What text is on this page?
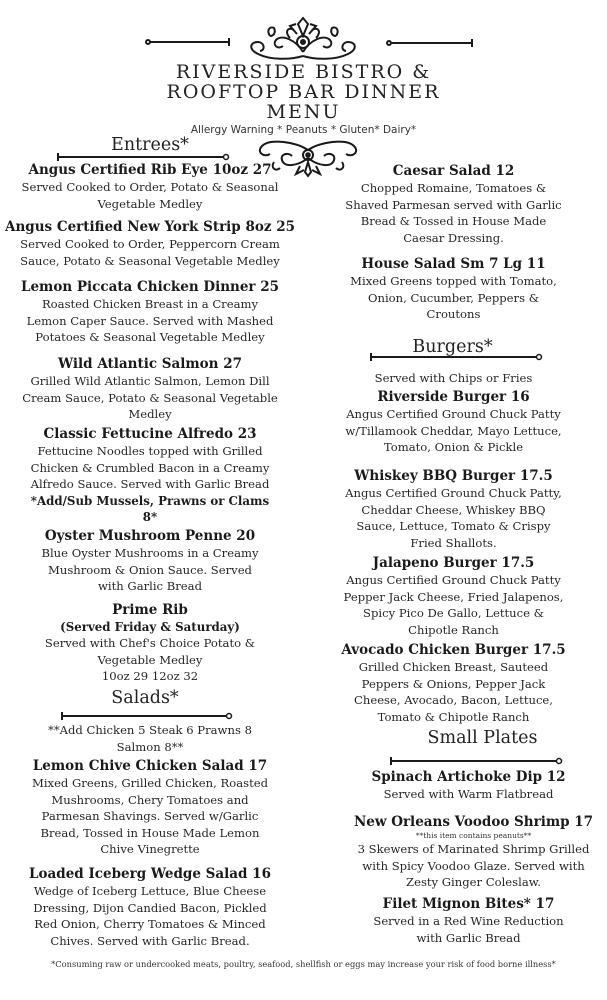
RIVERSIDE BISTRO &
ROOFTOP BAR DINNER
MENU
Allergy Warning * Peanuts * Gluten* Dairy*
Entrees*
Angus Certified Rib Eye 10oz 27
Served Cooked to Order, Potato & Seasonal
Vegetable Medley
Angus Certified New York Strip 8oz 25
Served Cooked to Order, Peppercorn Cream
Sauce, Potato & Seasonal Vegetable Medley
Lemon Piccata Chicken Dinner 25
Roasted Chicken Breast in a Creamy
Lemon Caper Sauce. Served with Mashed
Potatoes & Seasonal Vegetable Medley
Wild Atlantic Salmon 27
Grilled Wild Atlantic Salmon, Lemon Dill
Cream Sauce, Potato & Seasonal Vegetable
Medley
Classic Fettucine Alfredo 23
Fettucine Noodles topped with Grilled
Chicken & Crumbled Bacon in a Creamy
Alfredo Sauce. Served with Garlic Bread
*Add/Sub Mussels, Prawns or Clams
8*
Oyster Mushroom Penne 20
Blue Oyster Mushrooms in a Creamy
Mushroom & Onion Sauce. Served
with Garlic Bread
Prime Rib
(Served Friday & Saturday)
Served with Chef's Choice Potato &
Vegetable Medley
10oz 29 12oz 32
Salads*
**Add Chicken 5 Steak 6 Prawns 8
Salmon 8**
Lemon Chive Chicken Salad 17
Mixed Greens, Grilled Chicken, Roasted
Mushrooms, Chery Tomatoes and
Parmesan Shavings. Served w/Garlic
Bread, Tossed in House Made Lemon
Chive Vinegrette
Loaded Iceberg Wedge Salad 16
Wedge of Iceberg Lettuce, Blue Cheese
Dressing, Dijon Candied Bacon, Pickled
Red Onion, Cherry Tomatoes & Minced
Chives. Served with Garlic Bread.
Caesar Salad 12
Chopped Romaine, Tomatoes &
Shaved Parmesan served with Garlic
Bread & Tossed in House Made
Caesar Dressing.
House Salad Sm 7 Lg 11
Mixed Greens topped with Tomato,
Onion, Cucumber, Peppers &
Croutons
Burgers*
Served with Chips or Fries
Riverside Burger 16
Angus Certified Ground Chuck Patty
w/Tillamook Cheddar, Mayo Lettuce,
Tomato, Onion & Pickle
Whiskey BBQ Burger 17.5
Angus Certified Ground Chuck Patty,
Cheddar Cheese, Whiskey BBQ
Sauce, Lettuce, Tomato & Crispy
Fried Shallots.
Jalapeno Burger 17.5
Angus Certified Ground Chuck Patty
Pepper Jack Cheese, Fried Jalapenos,
Spicy Pico De Gallo, Lettuce &
Chipotle Ranch
Avocado Chicken Burger 17.5
Grilled Chicken Breast, Sauteed
Peppers & Onions, Pepper Jack
Cheese, Avocado, Bacon, Lettuce,
Tomato & Chipotle Ranch
Small Plates
Spinach Artichoke Dip 12
Served with Warm Flatbread
New Orleans Voodoo Shrimp 17
**this item contains peanuts**
3 Skewers of Marinated Shrimp Grilled
with Spicy Voodoo Glaze. Served with
Zesty Ginger Coleslaw.
Filet Mignon Bites* 17
Served in a Red Wine Reduction
with Garlic Bread
*Consuming raw or undercooked meats, poultry, seafood, shellfish or eggs may increase your risk of food borne illness*
